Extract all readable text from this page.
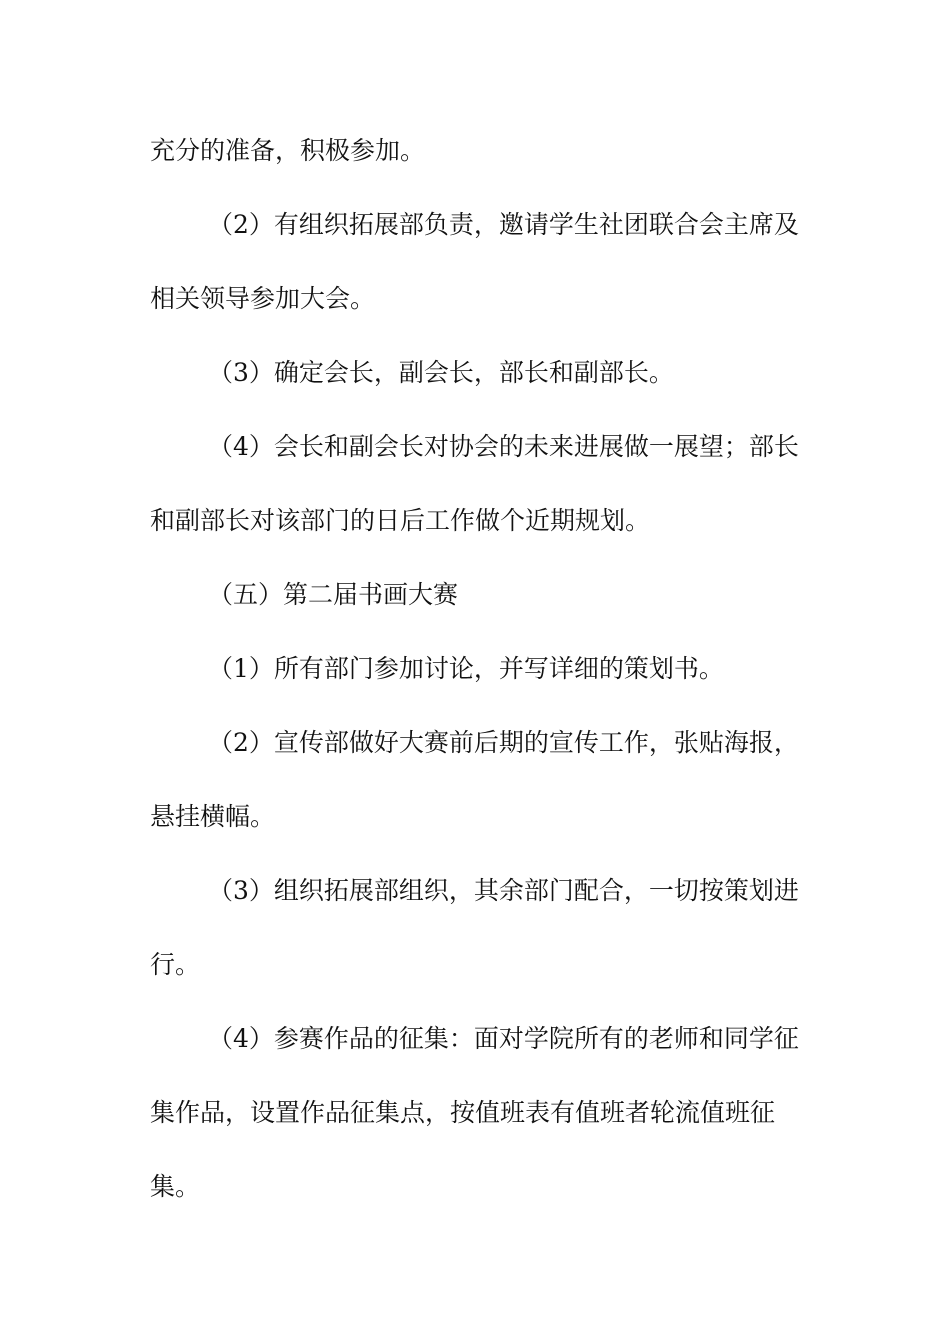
充分的准备，积极参加。
（2）有组织拓展部负责，邀请学生社团联合会主席及
相关领导参加大会。
（3）确定会长，副会长，部长和副部长。
（4）会长和副会长对协会的未来进展做一展望；部长
和副部长对该部门的日后工作做个近期规划。
（五）第二届书画大赛
（1）所有部门参加讨论，并写详细的策划书。
（2）宣传部做好大赛前后期的宣传工作，张贴海报，
悬挂横幅。
（3）组织拓展部组织，其余部门配合，一切按策划进
行。
（4）参赛作品的征集：面对学院所有的老师和同学征
集作品，设置作品征集点，按值班表有值班者轮流值班征
集。
